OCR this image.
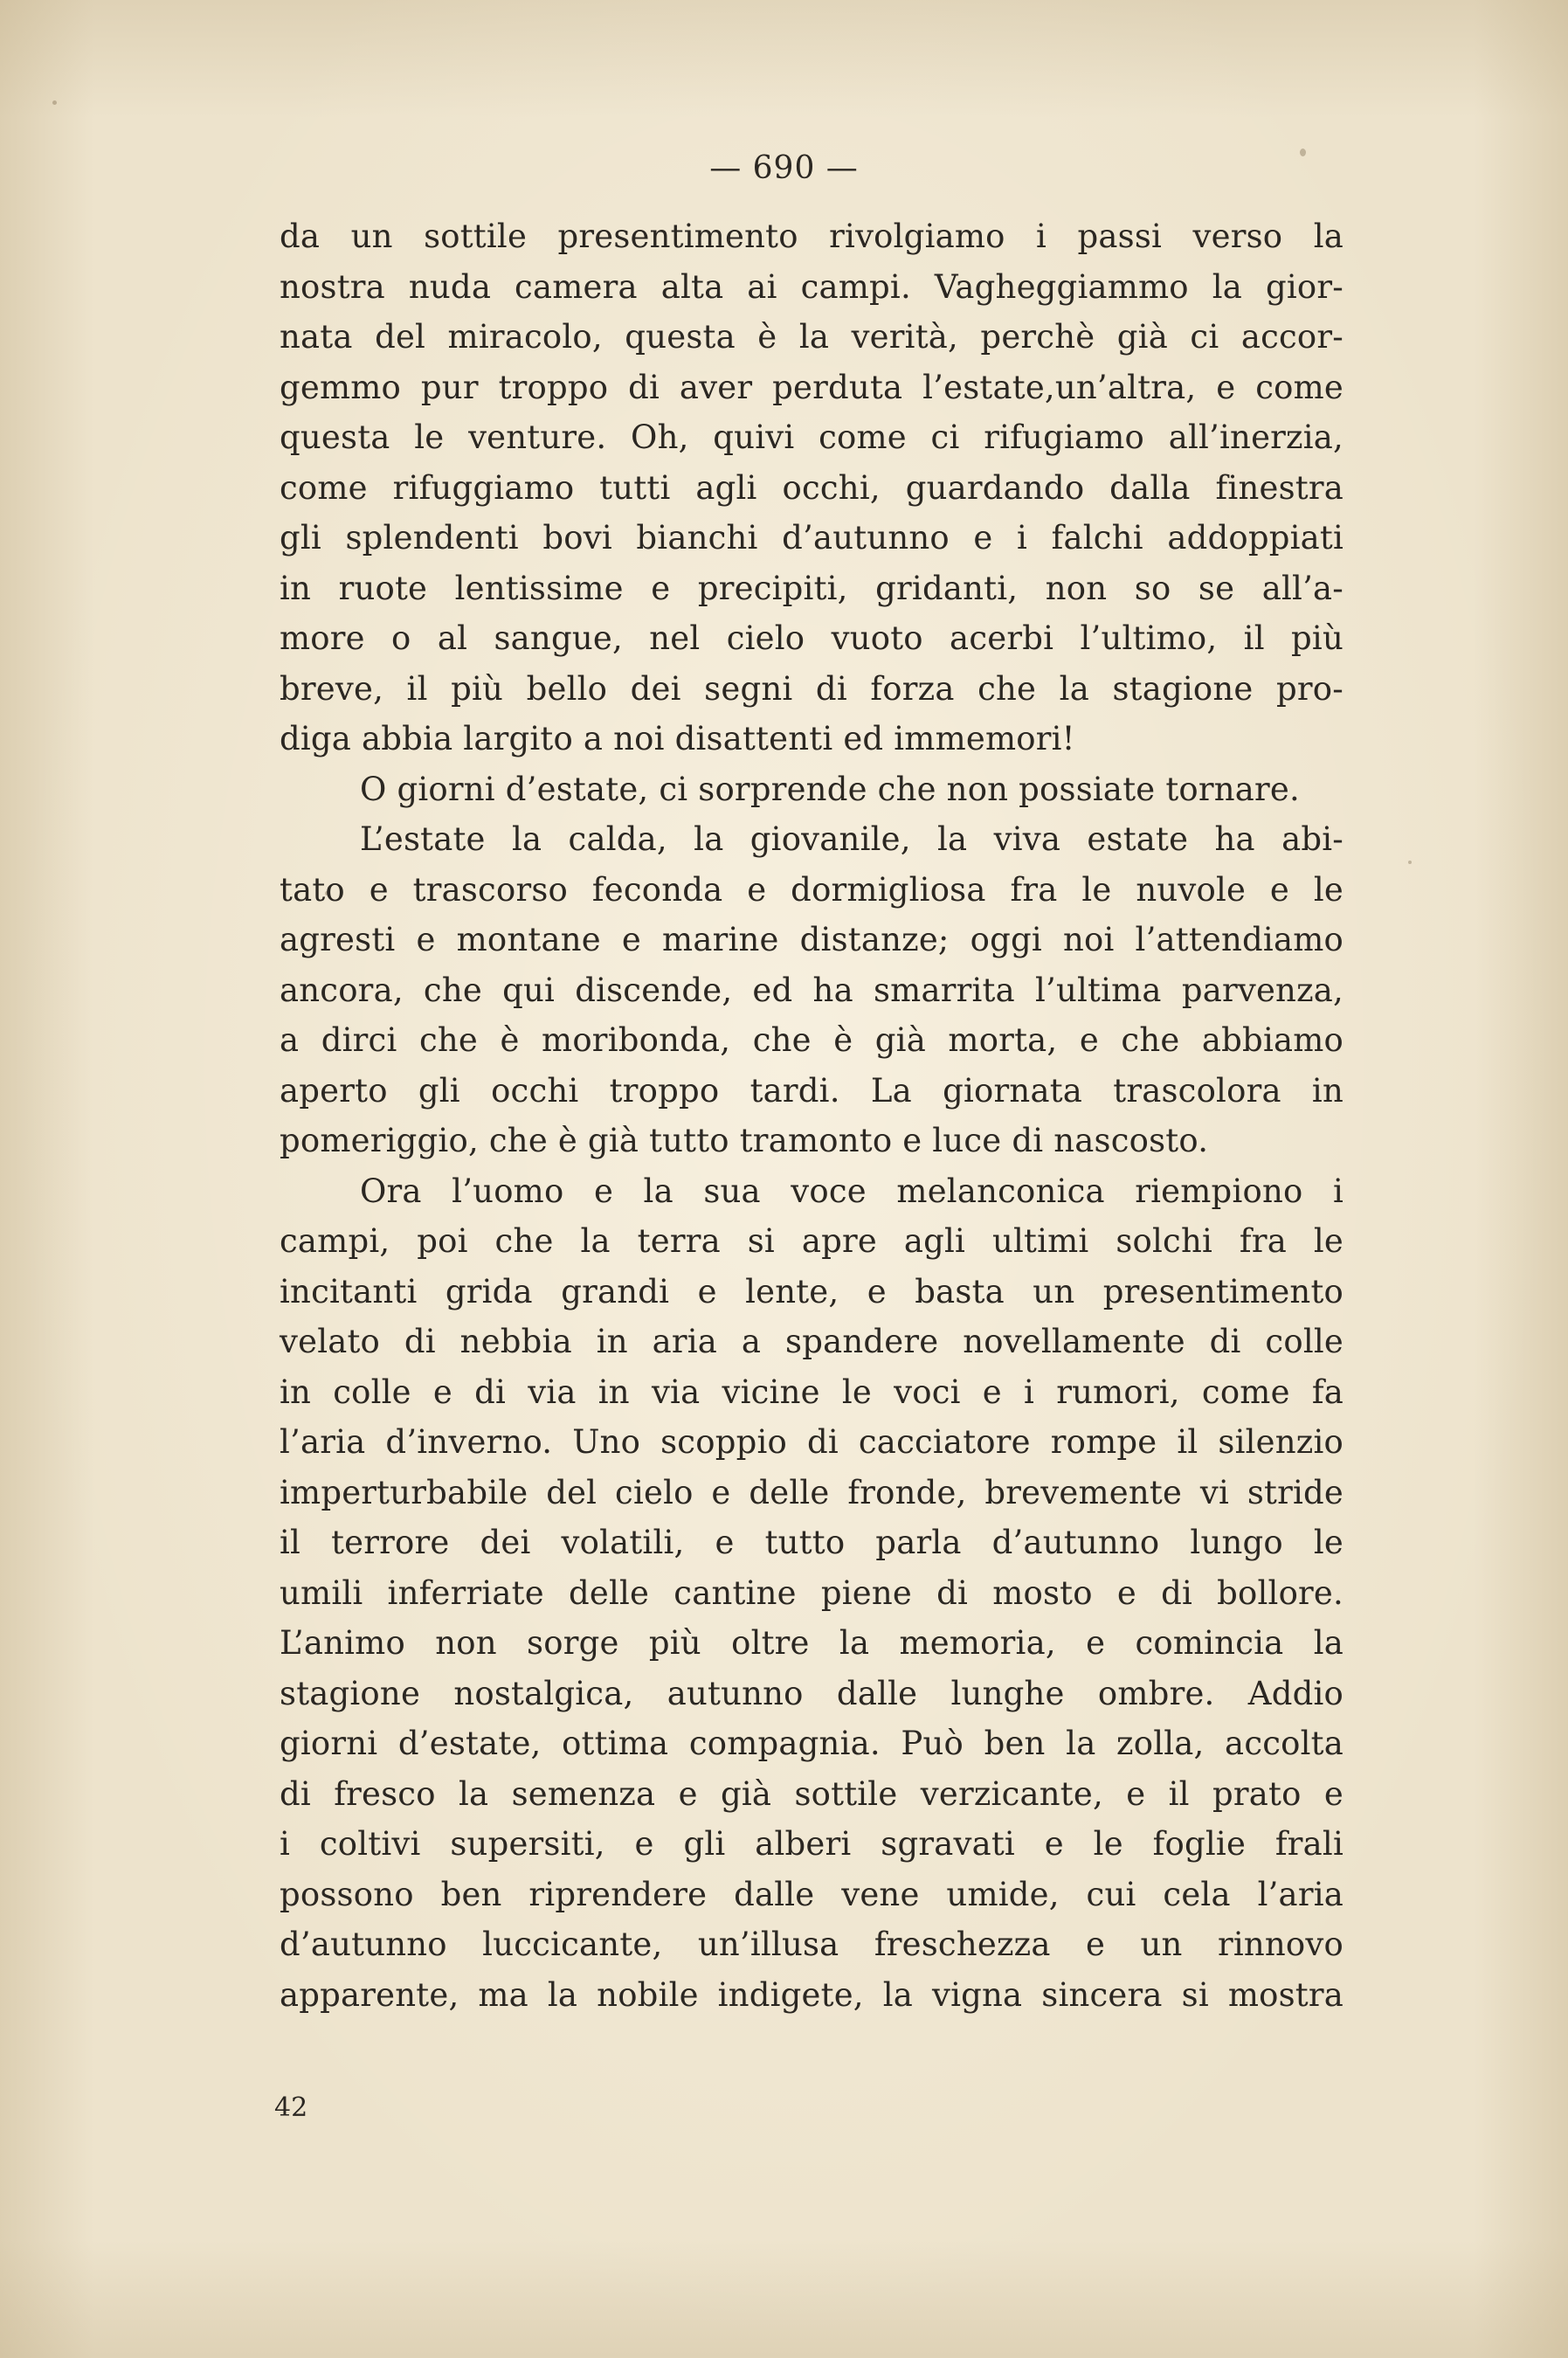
— 690 —
da un sottile presentimento rivolgiamo i passi verso la
nostra nuda camera alta ai campi. Vagheggiammo la gior-
nata del miracolo, questa è la verità, perchè già ci accor-
gemmo pur troppo di aver perduta l’estate,un’altra, e come
questa le venture. Oh, quivi come ci rifugiamo all’inerzia,
come rifuggiamo tutti agli occhi, guardando dalla finestra
gli splendenti bovi bianchi d’autunno e i falchi addoppiati
in ruote lentissime e precipiti, gridanti, non so se all’a-
more o al sangue, nel cielo vuoto acerbi l’ultimo, il più
breve, il più bello dei segni di forza che la stagione pro-
diga abbia largito a noi disattenti ed immemori!
O giorni d’estate, ci sorprende che non possiate tornare.
L’estate la calda, la giovanile, la viva estate ha abi-
tato e trascorso feconda e dormigliosa fra le nuvole e le
agresti e montane e marine distanze; oggi noi l’attendiamo
ancora, che qui discende, ed ha smarrita l’ultima parvenza,
a dirci che è moribonda, che è già morta, e che abbiamo
aperto gli occhi troppo tardi. La giornata trascolora in
pomeriggio, che è già tutto tramonto e luce di nascosto.
Ora l’uomo e la sua voce melanconica riempiono i
campi, poi che la terra si apre agli ultimi solchi fra le
incitanti grida grandi e lente, e basta un presentimento
velato di nebbia in aria a spandere novellamente di colle
in colle e di via in via vicine le voci e i rumori, come fa
l’aria d’inverno. Uno scoppio di cacciatore rompe il silenzio
imperturbabile del cielo e delle fronde, brevemente vi stride
il terrore dei volatili, e tutto parla d’autunno lungo le
umili inferriate delle cantine piene di mosto e di bollore.
L’animo non sorge più oltre la memoria, e comincia la
stagione nostalgica, autunno dalle lunghe ombre. Addio
giorni d’estate, ottima compagnia. Può ben la zolla, accolta
di fresco la semenza e già sottile verzicante, e il prato e
i coltivi supersiti, e gli alberi sgravati e le foglie frali
possono ben riprendere dalle vene umide, cui cela l’aria
d’autunno luccicante, un’illusa freschezza e un rinnovo
apparente, ma la nobile indigete, la vigna sincera si mostra
42
